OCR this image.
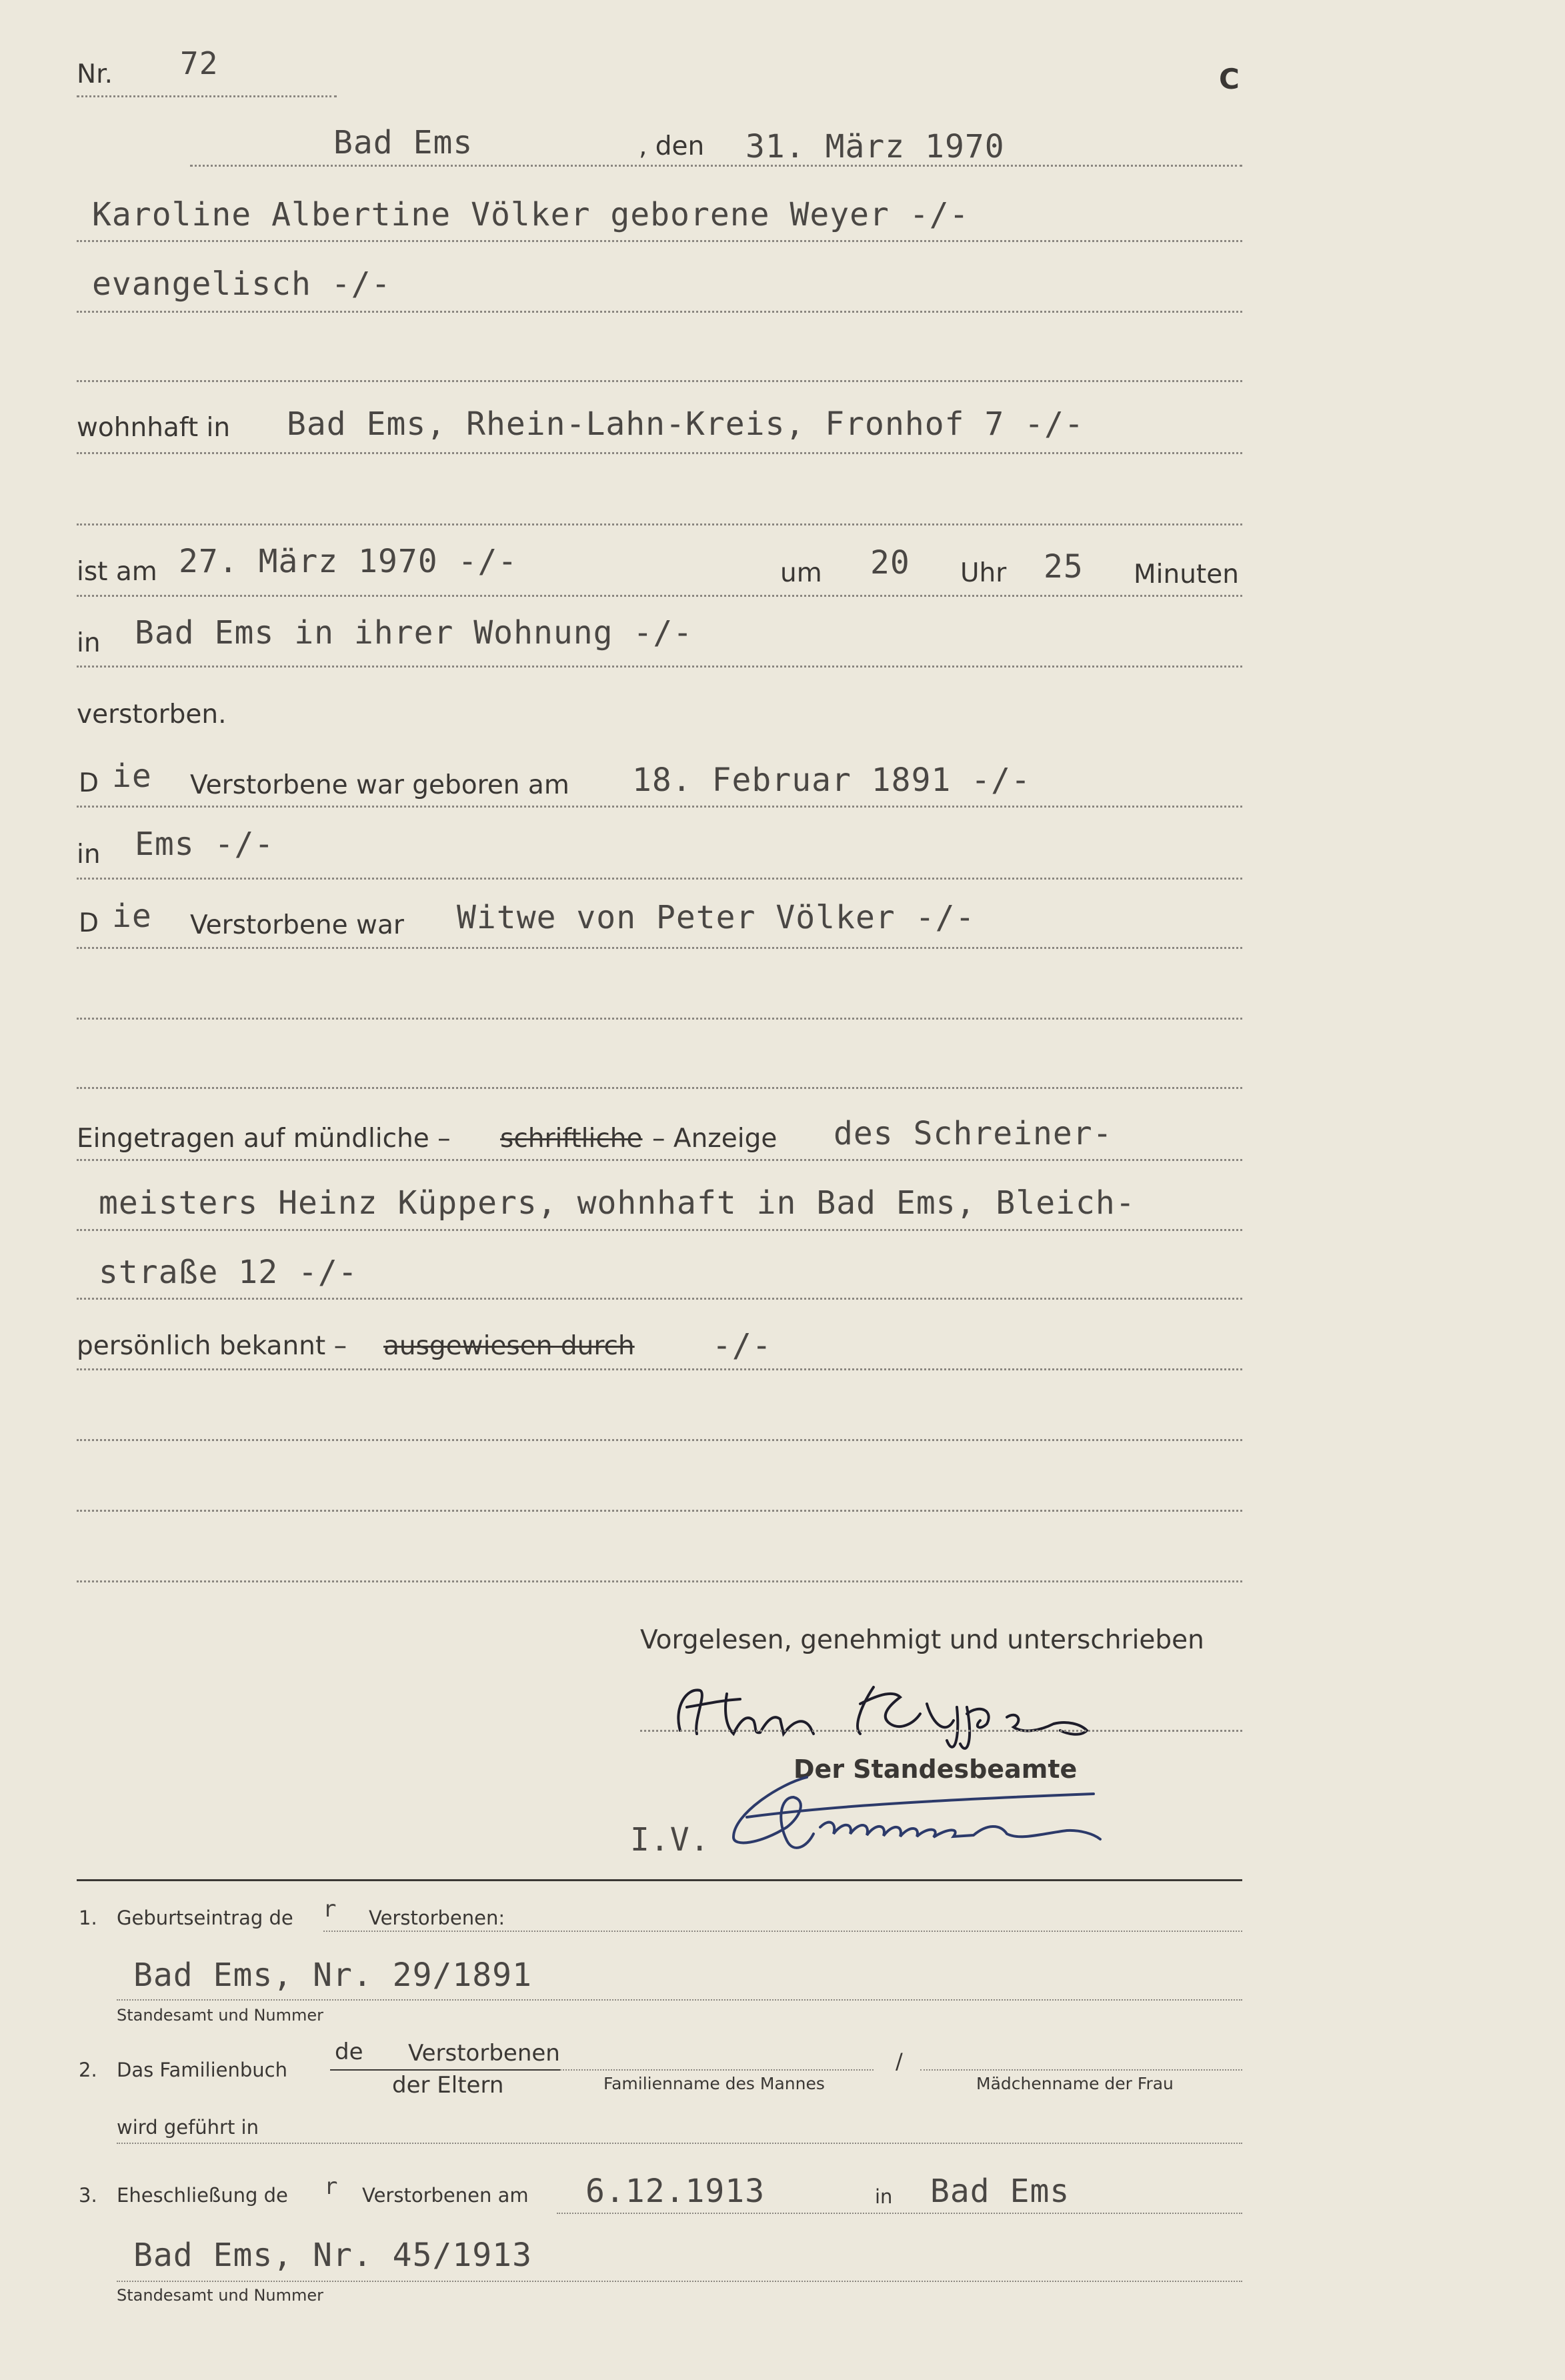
Nr. 72	C
Bad Ems	, den 31. März 1970
Karoline Albertine Völker geborene Weyer -/-
evangelisch -/-
wohnhaft in Bad Ems, Rhein-Lahn-Kreis, Fronhof 7 -/-
ist am 27. März 1970 -/-	um 20 Uhr 25 Minuten
in Bad Ems in ihrer Wohnung -/-
verstorben.
D ie Verstorbene war geboren am 18. Februar 1891 -/-
in Ems -/-
D ie Verstorbene war Witwe von Peter Völker -/-
Eingetragen auf mündliche – schriftliche – Anzeige des Schreiner-
meisters Heinz Küppers, wohnhaft in Bad Ems, Bleich-
straße 12 -/-
persönlich bekannt – ausgewiesen durch -/-
Vorgelesen, genehmigt und unterschrieben
Der Standesbeamte
I.V.
1. Geburtseintrag de r Verstorbenen:
Bad Ems, Nr. 29/1891
Standesamt und Nummer
2. Das Familienbuch
de Verstorbenen
der Eltern	Familienname des Mannes
/
Mädchenname der Frau
wird geführt in
3. Eheschließung de r Verstorbenen am 6.12.1913	in Bad Ems
Bad Ems, Nr. 45/1913
Standesamt und Nummer
